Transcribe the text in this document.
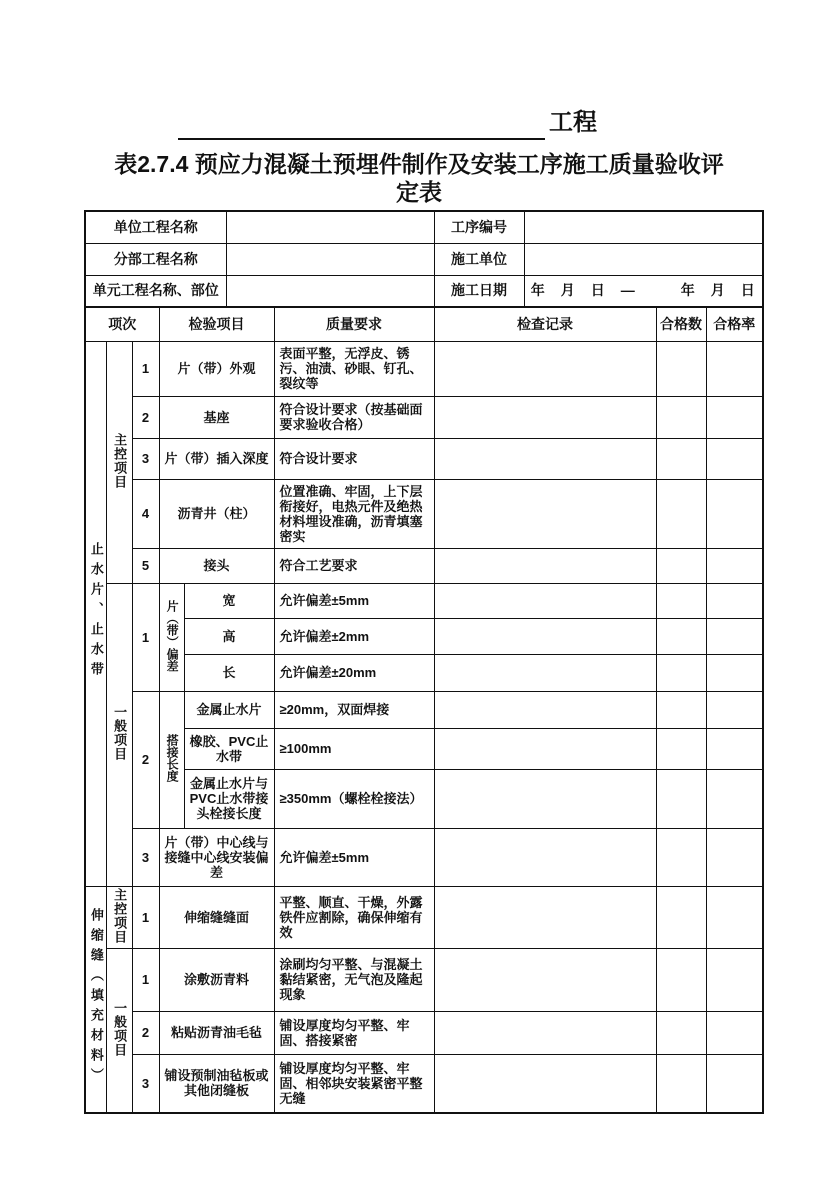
工程
表2.7.4 预应力混凝土预埋件制作及安装工序施工质量验收评
定表
单位工程名称		工序编号	
分部工程名称		施工单位	
单元工程名称、部位		施工日期	年　月　日　—　　　年　月　日
项次			检验项目		质量要求	检查记录	合格数	合格率
止水片、止水带	主控项目	1	片（带）外观		表面平整，无浮皮、锈污、油渍、砂眼、钉孔、裂纹等			
		2	基座		符合设计要求（按基础面要求验收合格）			
		3	片（带）插入深度		符合设计要求			
		4	沥青井（柱）		位置准确、牢固，上下层衔接好，电热元件及绝热材料埋设准确，沥青填塞密实			
		5	接头		符合工艺要求			
	一般项目	1	片（带）偏差	宽	允许偏差±5mm			
				高	允许偏差±2mm			
				长	允许偏差±20mm			
		2	搭接长度	金属止水片	≥20mm，双面焊接			
				橡胶、PVC止水带	≥100mm			
				金属止水片与PVC止水带接头栓接长度	≥350mm（螺栓栓接法）			
		3	片（带）中心线与接缝中心线安装偏差		允许偏差±5mm			
伸缩缝（填充材料）	主控项目	1	伸缩缝缝面		平整、顺直、干燥，外露铁件应割除，确保伸缩有效			
	一般项目	1	涂敷沥青料		涂刷均匀平整、与混凝土黏结紧密，无气泡及隆起现象			
		2	粘贴沥青油毛毡		铺设厚度均匀平整、牢固、搭接紧密			
		3	铺设预制油毡板或其他闭缝板		铺设厚度均匀平整、牢固、相邻块安装紧密平整无缝			
